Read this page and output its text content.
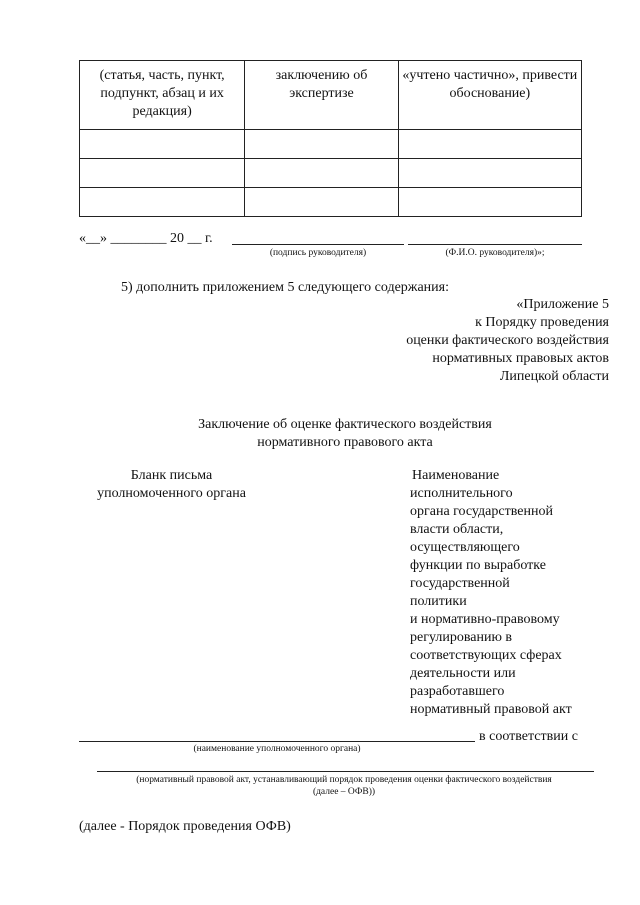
(статья, часть, пункт, подпункт, абзац и их редакция)	заключению об экспертизе	«учтено частично», привести обоснование)

«__» ________ 20 __ г.
(подпись руководителя)	(Ф.И.О. руководителя)»;
5) дополнить приложением 5 следующего содержания:
«Приложение 5
к Порядку проведения
оценки фактического воздействия
нормативных правовых актов
Липецкой области
Заключение об оценке фактического воздействия
нормативного правового акта
Бланк письма
уполномоченного органа
Наименование
исполнительного
органа государственной
власти области,
осуществляющего
функции по выработке
государственной
политики
и нормативно-правовому
регулированию в
соответствующих сферах
деятельности или
разработавшего
нормативный правовой акт
в соответствии с
(наименование уполномоченного органа)
(нормативный правовой акт, устанавливающий порядок проведения оценки фактического воздействия
(далее – ОФВ))
(далее - Порядок проведения ОФВ)
